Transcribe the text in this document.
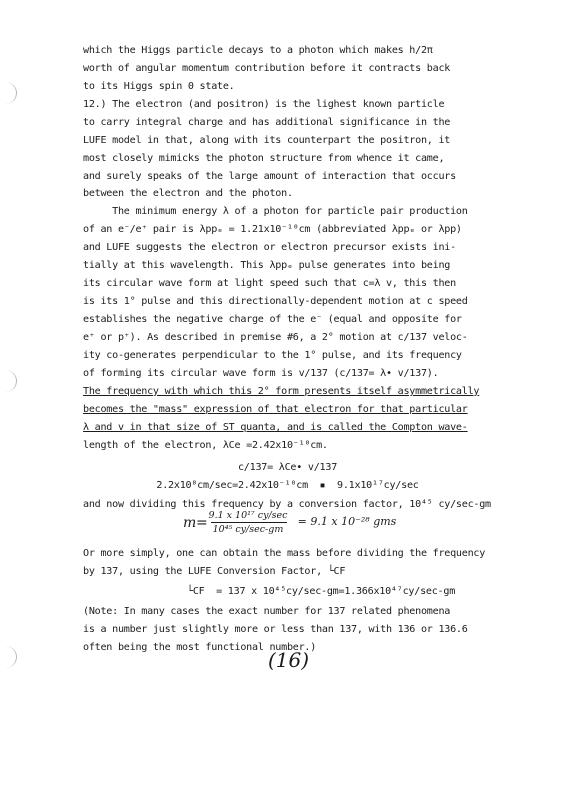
which the Higgs particle decays to a photon which makes h/2π
worth of angular momentum contribution before it contracts back
to its Higgs spin 0 state.
12.) The electron (and positron) is the lighest known particle
to carry integral charge and has additional significance in the
LUFE model in that, along with its counterpart the positron, it
most closely mimicks the photon structure from whence it came,
and surely speaks of the large amount of interaction that occurs
between the electron and the photon.
The minimum energy λ of a photon for particle pair production
of an e⁻/e⁺ pair is λppₑ = 1.21x10⁻¹⁰cm (abbreviated λppₑ or λpp)
and LUFE suggests the electron or electron precursor exists ini-
tially at this wavelength. This λppₑ pulse generates into being
its circular wave form at light speed such that c=λ v, this then
is its 1° pulse and this directionally-dependent motion at c speed
establishes the negative charge of the e⁻ (equal and opposite for
e⁺ or p⁺). As described in premise #6, a 2° motion at c/137 veloc-
ity co-generates perpendicular to the 1° pulse, and its frequency
of forming its circular wave form is v/137 (c/137= λ• v/137).
The frequency with which this 2° form presents itself asymmetrically
becomes the "mass" expression of that electron for that particular
λ and v in that size of ST quanta, and is called the Compton wave-
length of the electron, λCe =2.42x10⁻¹⁰cm.
c/137= λCe• v/137
2.2x10⁸cm/sec=2.42x10⁻¹⁰cm  ▪  9.1x10¹⁷cy/sec
and now dividing this frequency by a conversion factor, 10⁴⁵ cy/sec-gm
m= 9.1 x 10¹⁷ cy/sec
10⁴⁵ cy/sec-gm
= 9.1 x 10⁻²⁸ gms
Or more simply, one can obtain the mass before dividing the frequency
by 137, using the LUFE Conversion Factor, └CF
└CF  = 137 x 10⁴⁵cy/sec-gm=1.366x10⁴⁷cy/sec-gm
(Note: In many cases the exact number for 137 related phenomena
is a number just slightly more or less than 137, with 136 or 136.6
often being the most functional number.)
(16)
